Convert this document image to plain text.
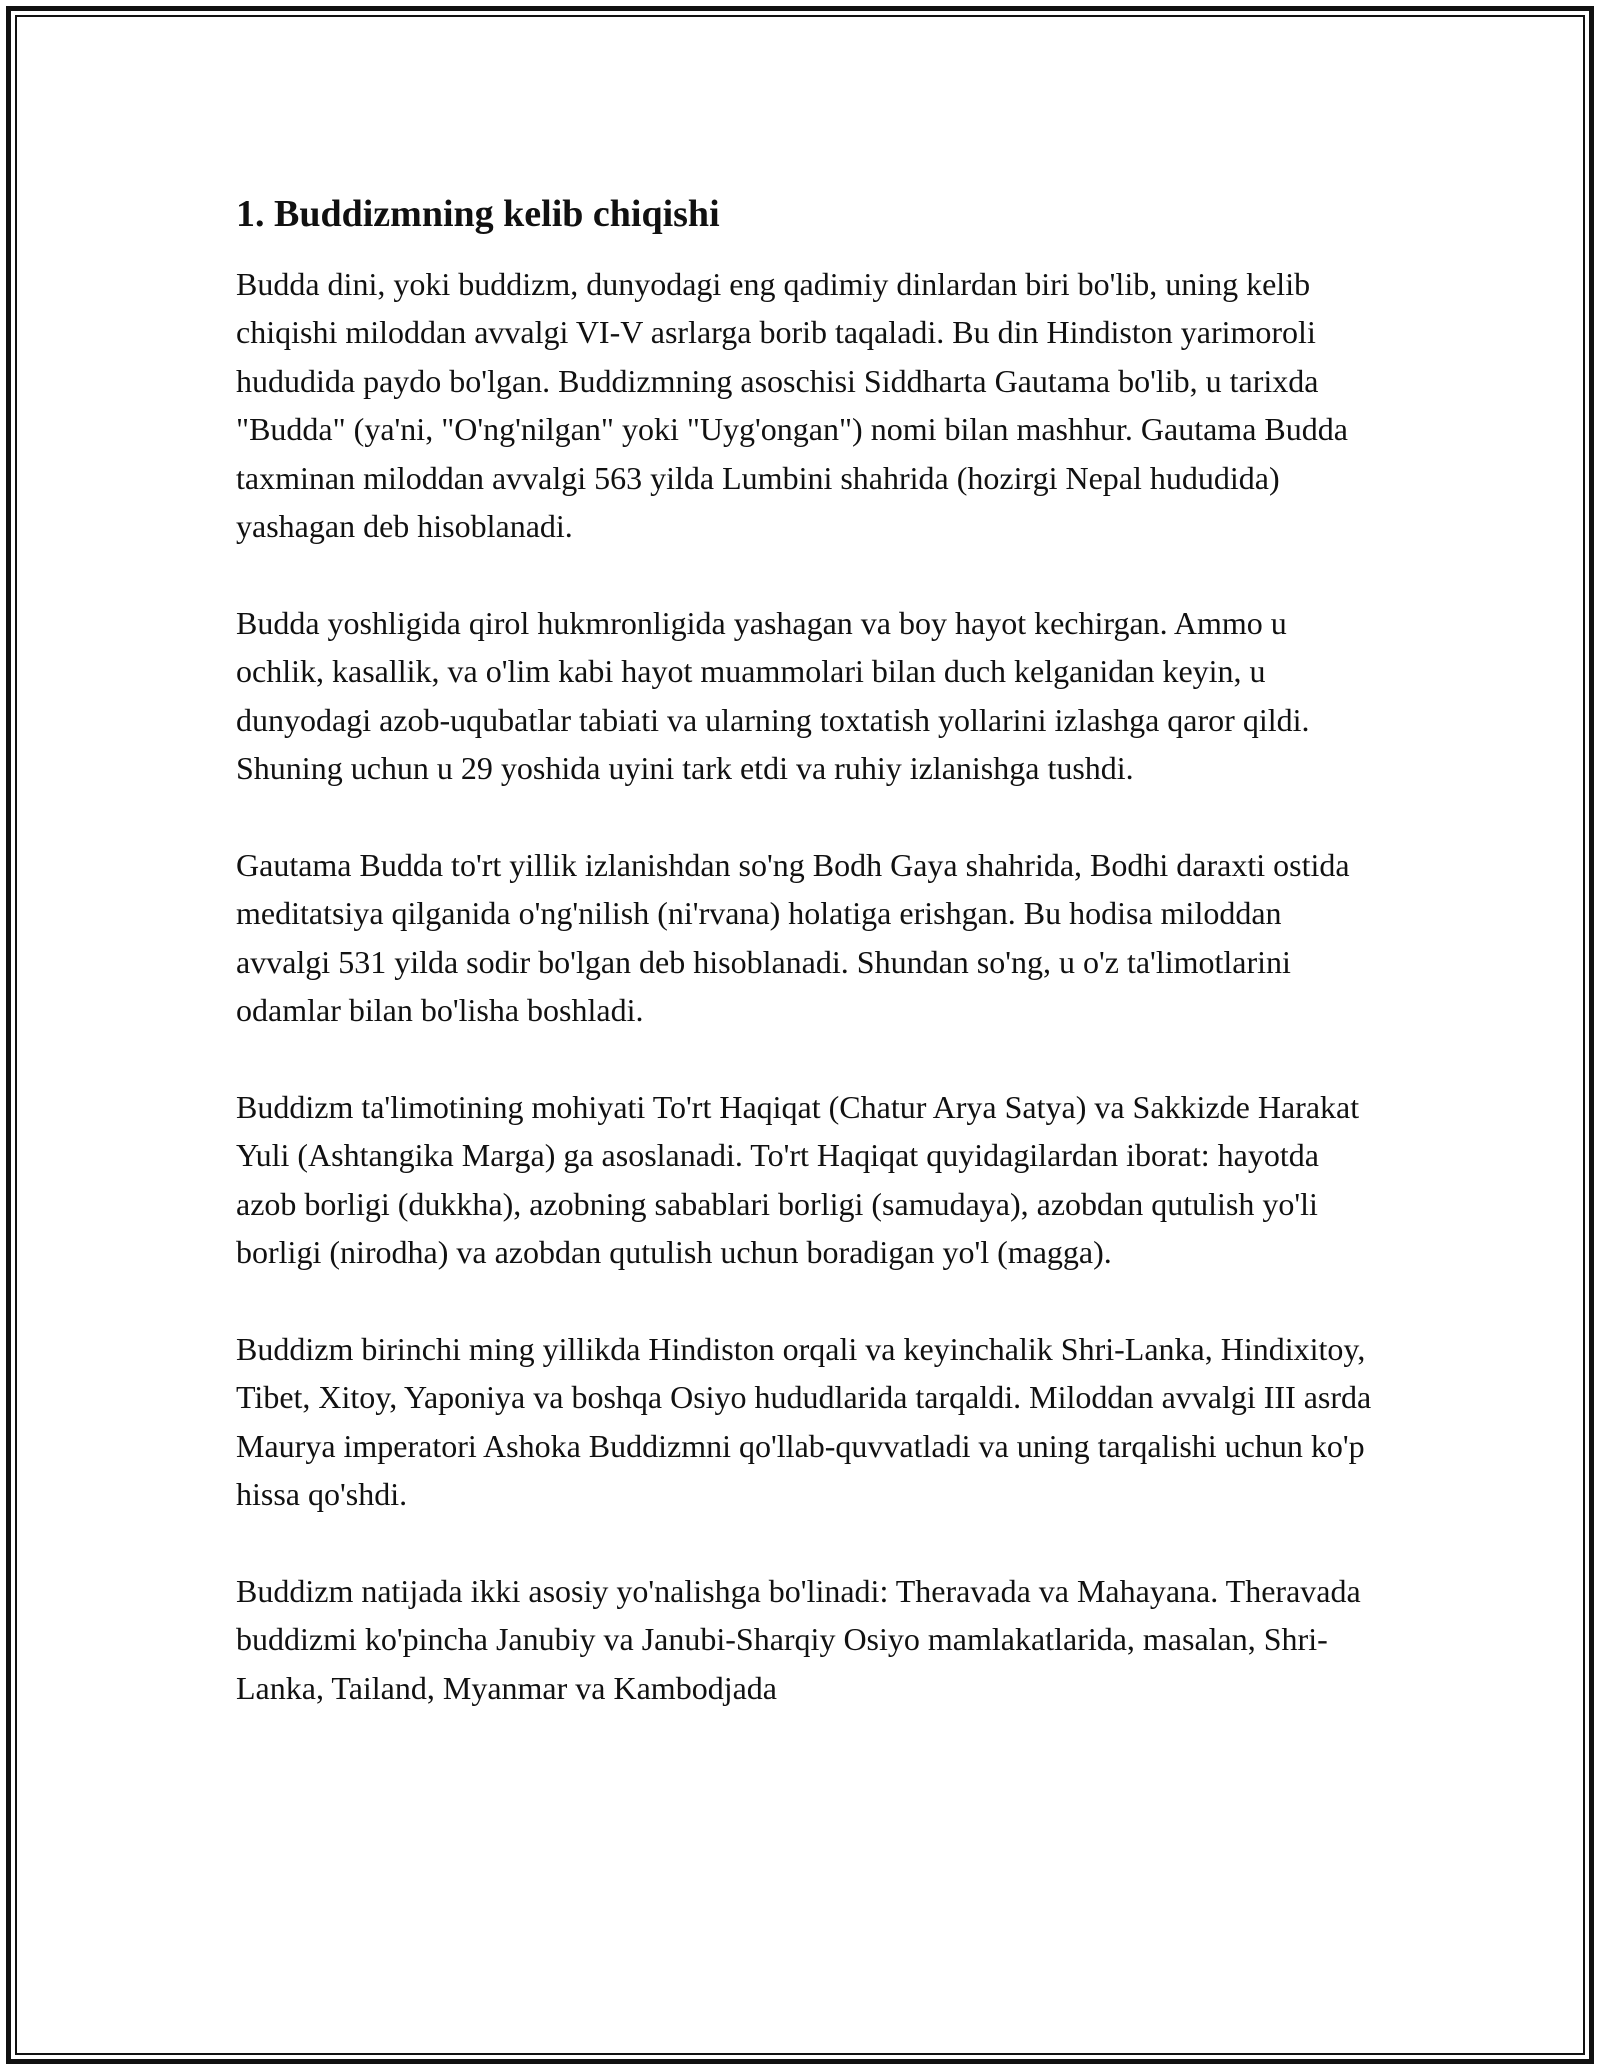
1. Buddizmning kelib chiqishi

Budda dini, yoki buddizm, dunyodagi eng qadimiy dinlardan biri bo'lib, uning kelib chiqishi miloddan avvalgi VI-V asrlarga borib taqaladi. Bu din Hindiston yarimoroli hududida paydo bo'lgan. Buddizmning asoschisi Siddharta Gautama bo'lib, u tarixda "Budda" (ya'ni, "O'ng'nilgan" yoki "Uyg'ongan") nomi bilan mashhur. Gautama Budda taxminan miloddan avvalgi 563 yilda Lumbini shahrida (hozirgi Nepal hududida) yashagan deb hisoblanadi.

Budda yoshligida qirol hukmronligida yashagan va boy hayot kechirgan. Ammo u ochlik, kasallik, va o'lim kabi hayot muammolari bilan duch kelganidan keyin, u dunyodagi azob-uqubatlar tabiati va ularning toxtatish yollarini izlashga qaror qildi. Shuning uchun u 29 yoshida uyini tark etdi va ruhiy izlanishga tushdi.

Gautama Budda to'rt yillik izlanishdan so'ng Bodh Gaya shahrida, Bodhi daraxti ostida meditatsiya qilganida o'ng'nilish (ni'rvana) holatiga erishgan. Bu hodisa miloddan avvalgi 531 yilda sodir bo'lgan deb hisoblanadi. Shundan so'ng, u o'z ta'limotlarini odamlar bilan bo'lisha boshladi.

Buddizm ta'limotining mohiyati To'rt Haqiqat (Chatur Arya Satya) va Sakkizde Harakat Yuli (Ashtangika Marga) ga asoslanadi. To'rt Haqiqat quyidagilardan iborat: hayotda azob borligi (dukkha), azobning sabablari borligi (samudaya), azobdan qutulish yo'li borligi (nirodha) va azobdan qutulish uchun boradigan yo'l (magga).

Buddizm birinchi ming yillikda Hindiston orqali va keyinchalik Shri-Lanka, Hindixitoy, Tibet, Xitoy, Yaponiya va boshqa Osiyo hududlarida tarqaldi. Miloddan avvalgi III asrda Maurya imperatori Ashoka Buddizmni qo'llab-quvvatladi va uning tarqalishi uchun ko'p hissa qo'shdi.

Buddizm natijada ikki asosiy yo'nalishga bo'linadi: Theravada va Mahayana. Theravada buddizmi ko'pincha Janubiy va Janubi-Sharqiy Osiyo mamlakatlarida, masalan, Shri-Lanka, Tailand, Myanmar va Kambodjada
